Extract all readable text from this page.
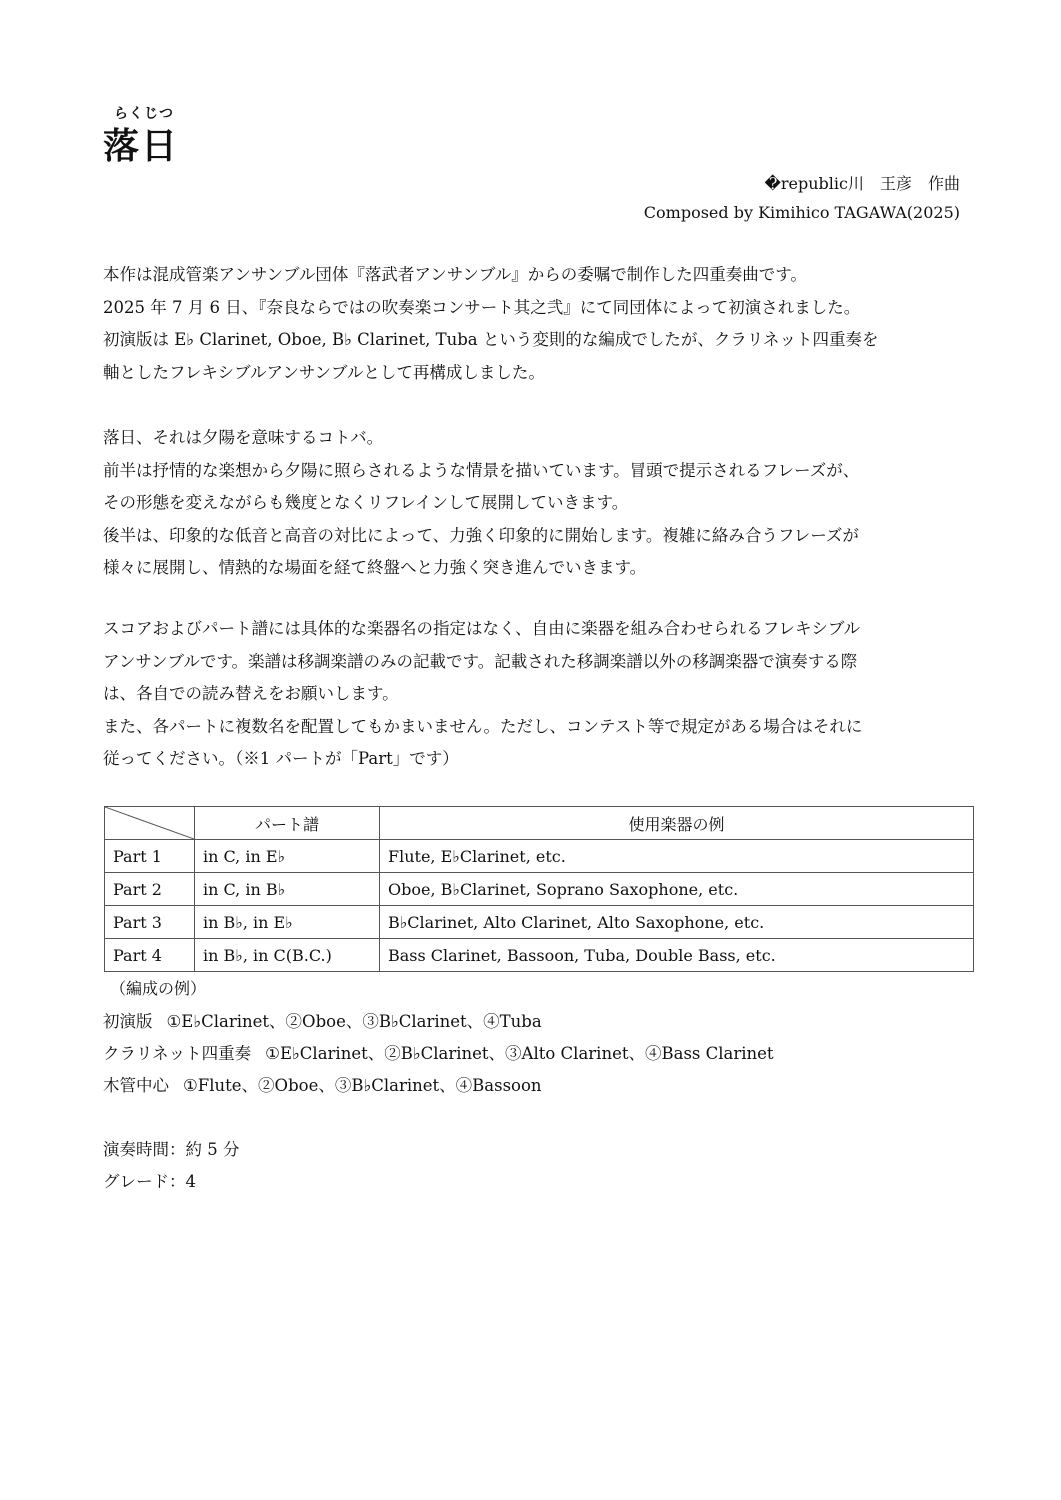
らくじつ
落日
�republic川　王彦　作曲
Composed by Kimihico TAGAWA(2025)

本作は混成管楽アンサンブル団体『落武者アンサンブル』からの委嘱で制作した四重奏曲です。

2025 年 7 月 6 日、『奈良ならではの吹奏楽コンサート其之弐』にて同団体によって初演されました。

初演版は E♭ Clarinet, Oboe, B♭ Clarinet, Tuba という変則的な編成でしたが、クラリネット四重奏を

軸としたフレキシブルアンサンブルとして再構成しました。

落日、それは夕陽を意味するコトバ。

前半は抒情的な楽想から夕陽に照らされるような情景を描いています。冒頭で提示されるフレーズが、

その形態を変えながらも幾度となくリフレインして展開していきます。

後半は、印象的な低音と高音の対比によって、力強く印象的に開始します。複雑に絡み合うフレーズが

様々に展開し、情熱的な場面を経て終盤へと力強く突き進んでいきます。

スコアおよびパート譜には具体的な楽器名の指定はなく、自由に楽器を組み合わせられるフレキシブル

アンサンブルです。楽譜は移調楽譜のみの記載です。記載された移調楽譜以外の移調楽器で演奏する際

は、各自での読み替えをお願いします。

また、各パートに複数名を配置してもかまいません。ただし、コンテスト等で規定がある場合はそれに

従ってください。（※1 パートが「Part」です）

	パート譜	使用楽器の例
Part 1	in C, in E♭	Flute, E♭Clarinet, etc.
Part 2	in C, in B♭	Oboe, B♭Clarinet, Soprano Saxophone, etc.
Part 3	in B♭, in E♭	B♭Clarinet, Alto Clarinet, Alto Saxophone, etc.
Part 4	in B♭, in C(B.C.)	Bass Clarinet, Bassoon, Tuba, Double Bass, etc.
（編成の例）

初演版 ①E♭Clarinet、②Oboe、③B♭Clarinet、④Tuba

クラリネット四重奏 ①E♭Clarinet、②B♭Clarinet、③Alto Clarinet、④Bass Clarinet

木管中心 ①Flute、②Oboe、③B♭Clarinet、④Bassoon

演奏時間：約 5 分

グレード：4
